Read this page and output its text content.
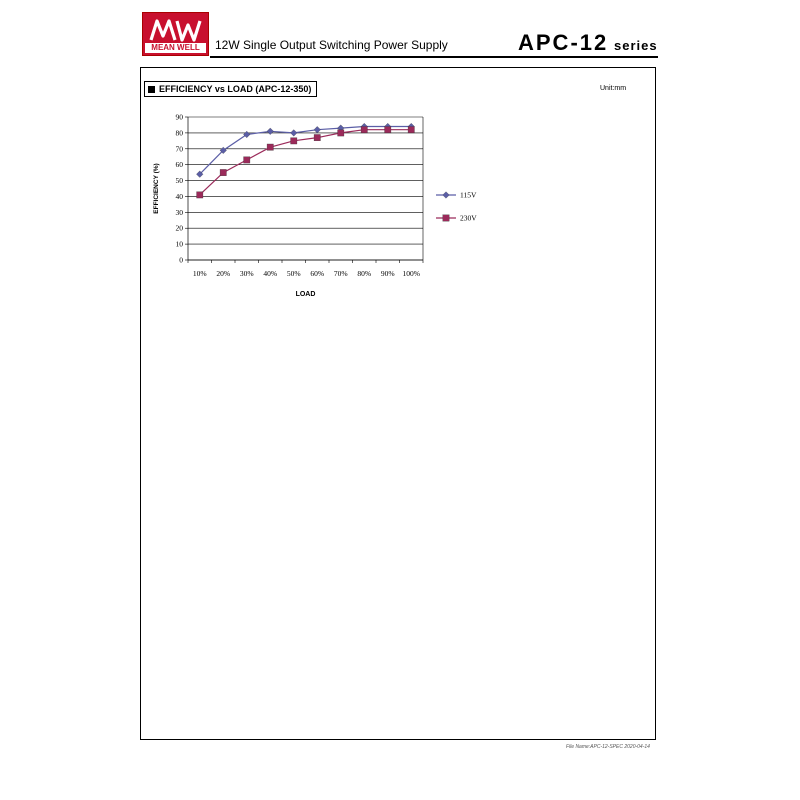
MEAN WELL	12W Single Output Switching Power Supply	APC-12 series
EFFICIENCY vs LOAD (APC-12-350)	Unit:mm
0
10
20
30
40
50
60
70
80
90
10% 20% 30% 40% 50% 60% 70% 80% 90% 100%
LOAD
EFFICIENCY (%)	115V
230V
File Name:APC-12-SPEC 2020-04-14
